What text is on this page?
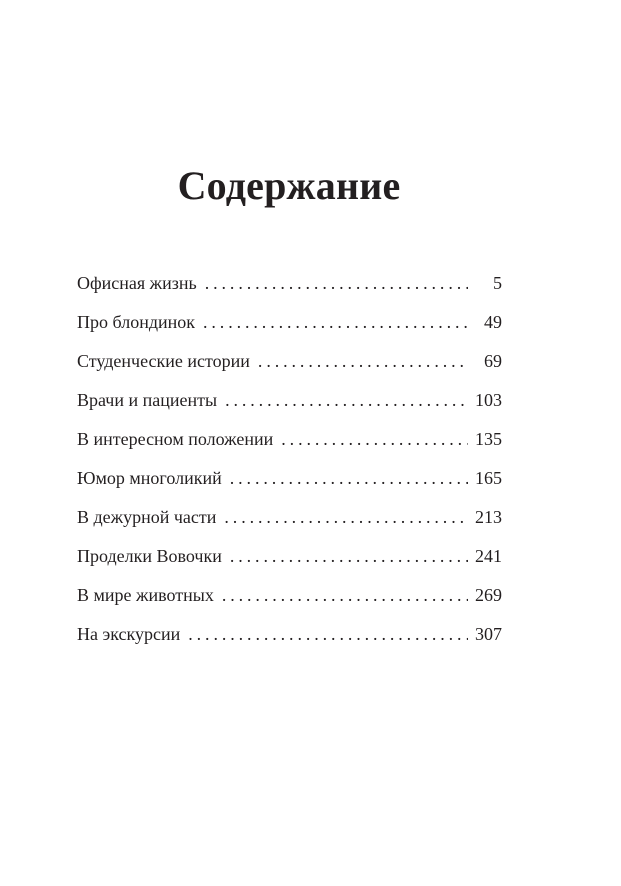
Содержание
Офисная жизнь . . .	5
Про блондинок . . .	49
Студенческие истории . . .	69
Врачи и пациенты . . .	103
В интересном положении . . .	135
Юмор многоликий . . .	165
В дежурной части . . .	213
Проделки Вовочки . . .	241
В мире животных . . .	269
На экскурсии . . .	307
